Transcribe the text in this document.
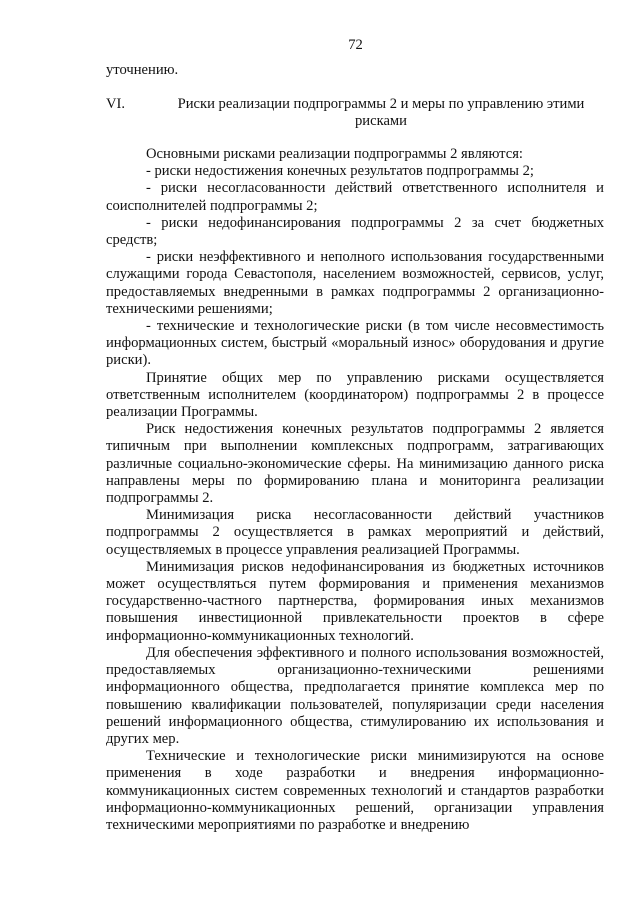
72

уточнению.

VI.	Риски реализации подпрограммы 2 и меры по управлению этими рисками

Основными рисками реализации подпрограммы 2 являются:

- риски недостижения конечных результатов подпрограммы 2;

- риски несогласованности действий ответственного исполнителя и соисполнителей подпрограммы 2;

- риски недофинансирования подпрограммы 2 за счет бюджетных средств;

- риски неэффективного и неполного использования государственными служащими города Севастополя, населением возможностей, сервисов, услуг, предоставляемых внедренными в рамках подпрограммы 2 организационно-техническими решениями;

- технические и технологические риски (в том числе несовместимость информационных систем, быстрый «моральный износ» оборудования и другие риски).

Принятие общих мер по управлению рисками осуществляется ответственным исполнителем (координатором) подпрограммы 2 в процессе реализации Программы.

Риск недостижения конечных результатов подпрограммы 2 является типичным при выполнении комплексных подпрограмм, затрагивающих различные социально-экономические сферы. На минимизацию данного риска направлены меры по формированию плана и мониторинга реализации подпрограммы 2.

Минимизация риска несогласованности действий участников подпрограммы 2 осуществляется в рамках мероприятий и действий, осуществляемых в процессе управления реализацией Программы.

Минимизация рисков недофинансирования из бюджетных источников может осуществляться путем формирования и применения механизмов государственно-частного партнерства, формирования иных механизмов повышения инвестиционной привлекательности проектов в сфере информационно-коммуникационных технологий.

Для обеспечения эффективного и полного использования возможностей, предоставляемых организационно-техническими решениями информационного общества, предполагается принятие комплекса мер по повышению квалификации пользователей, популяризации среди населения решений информационного общества, стимулированию их использования и других мер.

Технические и технологические риски минимизируются на основе применения в ходе разработки и внедрения информационно-коммуникационных систем современных технологий и стандартов разработки информационно-коммуникационных решений, организации управления техническими мероприятиями по разработке и внедрению
